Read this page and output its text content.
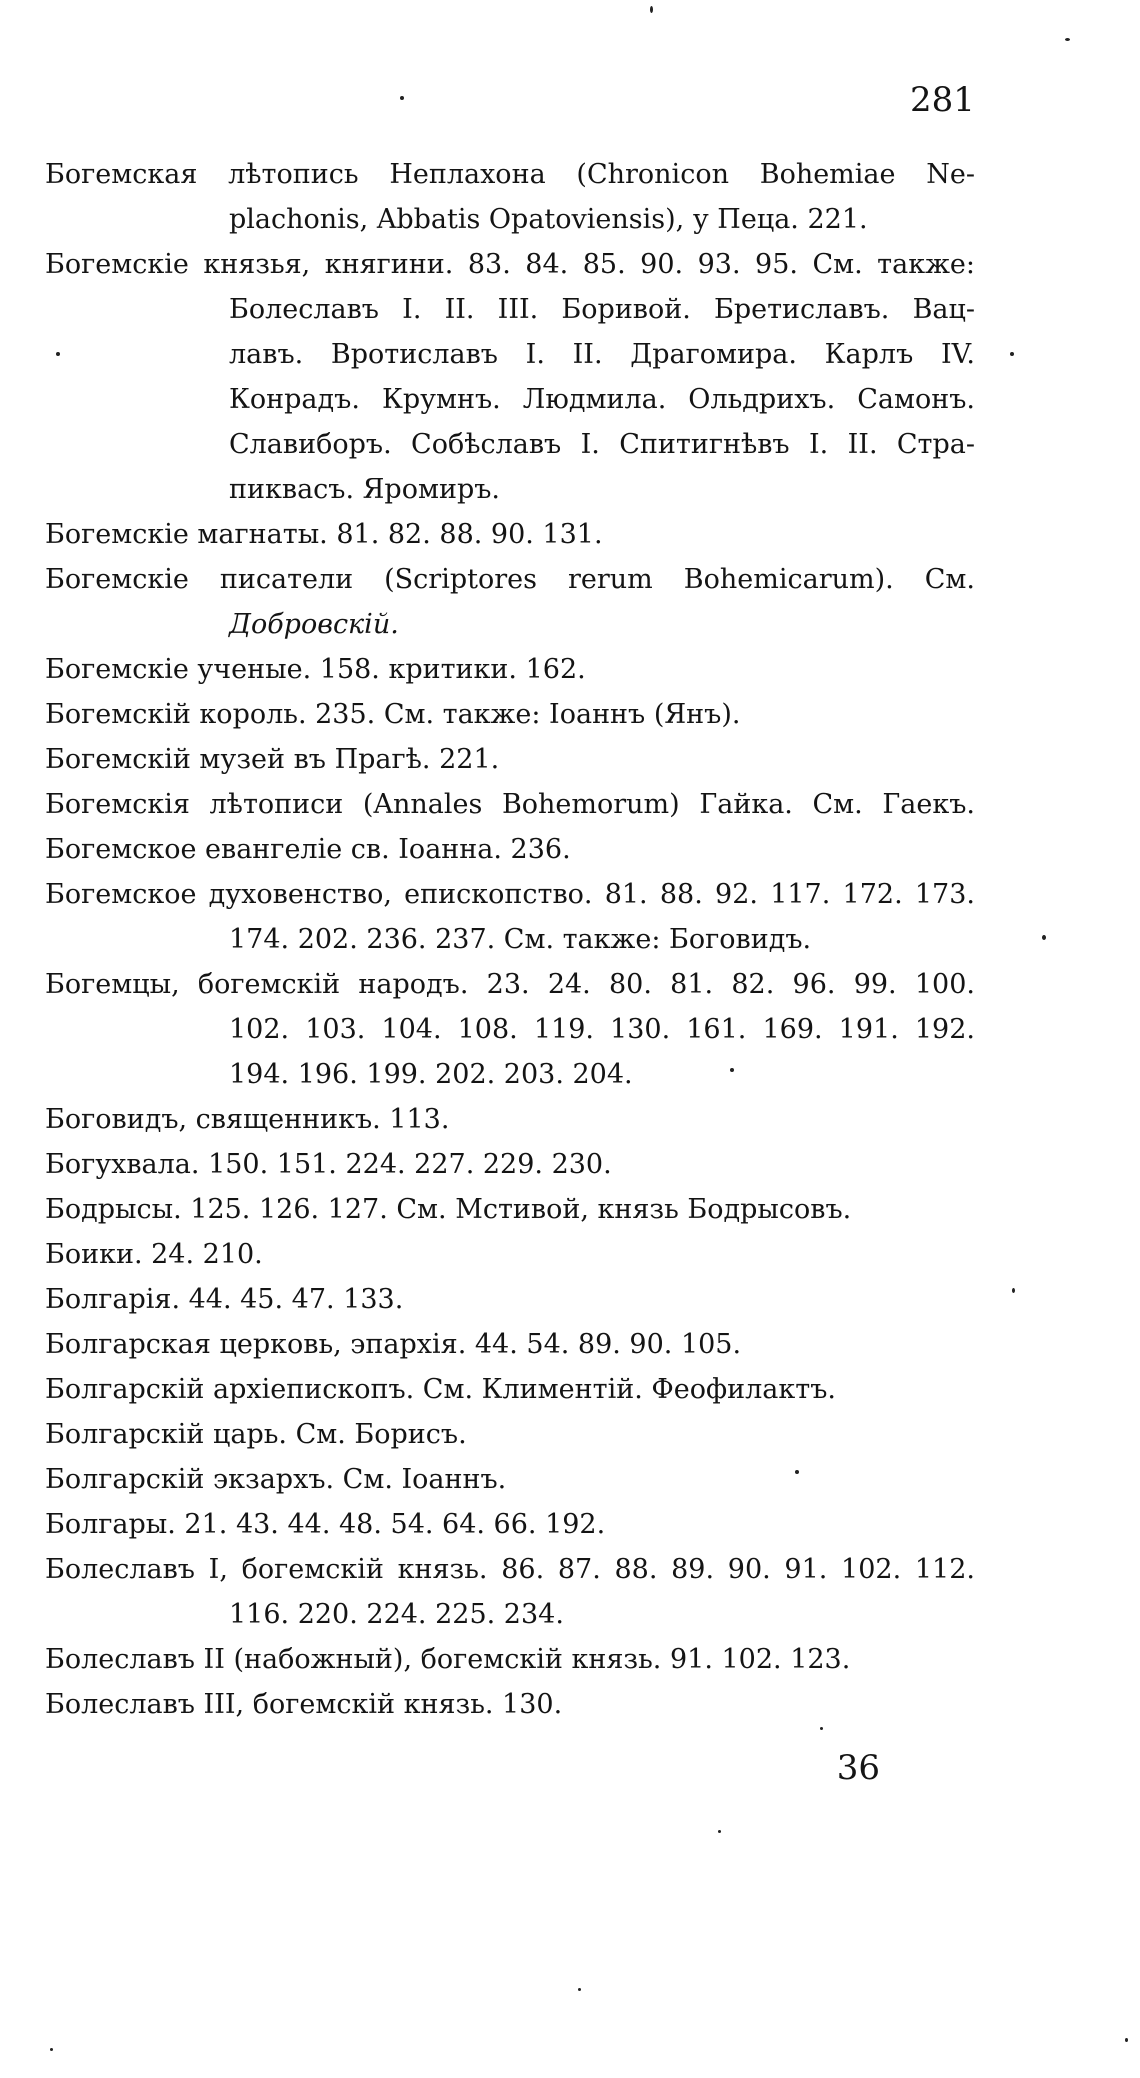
281
Богемская лѣтопись Неплахона (Chronicon Bohemiae Ne-
plachonis, Abbatis Opatoviensis), у Пеца. 221.
Богемскіе князья, княгини. 83. 84. 85. 90. 93. 95. См. также:
Болеславъ I. II. III. Боривой. Бретиславъ. Вац-
лавъ. Вротиславъ I. II. Драгомира. Карлъ IV.
Конрадъ. Крумнъ. Людмила. Ольдрихъ. Самонъ.
Славиборъ. Собѣславъ I. Спитигнѣвъ I. II. Стра-
пиквасъ. Яромиръ.
Богемскіе магнаты. 81. 82. 88. 90. 131.
Богемскіе писатели (Scriptores rerum Bohemicarum). См.
Добровскій.
Богемскіе ученые. 158. критики. 162.
Богемскій король. 235. См. также: Іоаннъ (Янъ).
Богемскій музей въ Прагѣ. 221.
Богемскія лѣтописи (Annales Bohemorum) Гайка. См. Гаекъ.
Богемское евангеліе св. Іоанна. 236.
Богемское духовенство, епископство. 81. 88. 92. 117. 172. 173.
174. 202. 236. 237. См. также: Боговидъ.
Богемцы, богемскій народъ. 23. 24. 80. 81. 82. 96. 99. 100.
102. 103. 104. 108. 119. 130. 161. 169. 191. 192.
194. 196. 199. 202. 203. 204.
Боговидъ, священникъ. 113.
Богухвала. 150. 151. 224. 227. 229. 230.
Бодрысы. 125. 126. 127. См. Мстивой, князь Бодрысовъ.
Боики. 24. 210.
Болгарія. 44. 45. 47. 133.
Болгарская церковь, эпархія. 44. 54. 89. 90. 105.
Болгарскій архіепископъ. См. Климентій. Феофилактъ.
Болгарскій царь. См. Борисъ.
Болгарскій экзархъ. См. Іоаннъ.
Болгары. 21. 43. 44. 48. 54. 64. 66. 192.
Болеславъ I, богемскій князь. 86. 87. 88. 89. 90. 91. 102. 112.
116. 220. 224. 225. 234.
Болеславъ II (набожный), богемскій князь. 91. 102. 123.
Болеславъ III, богемскій князь. 130.
36
